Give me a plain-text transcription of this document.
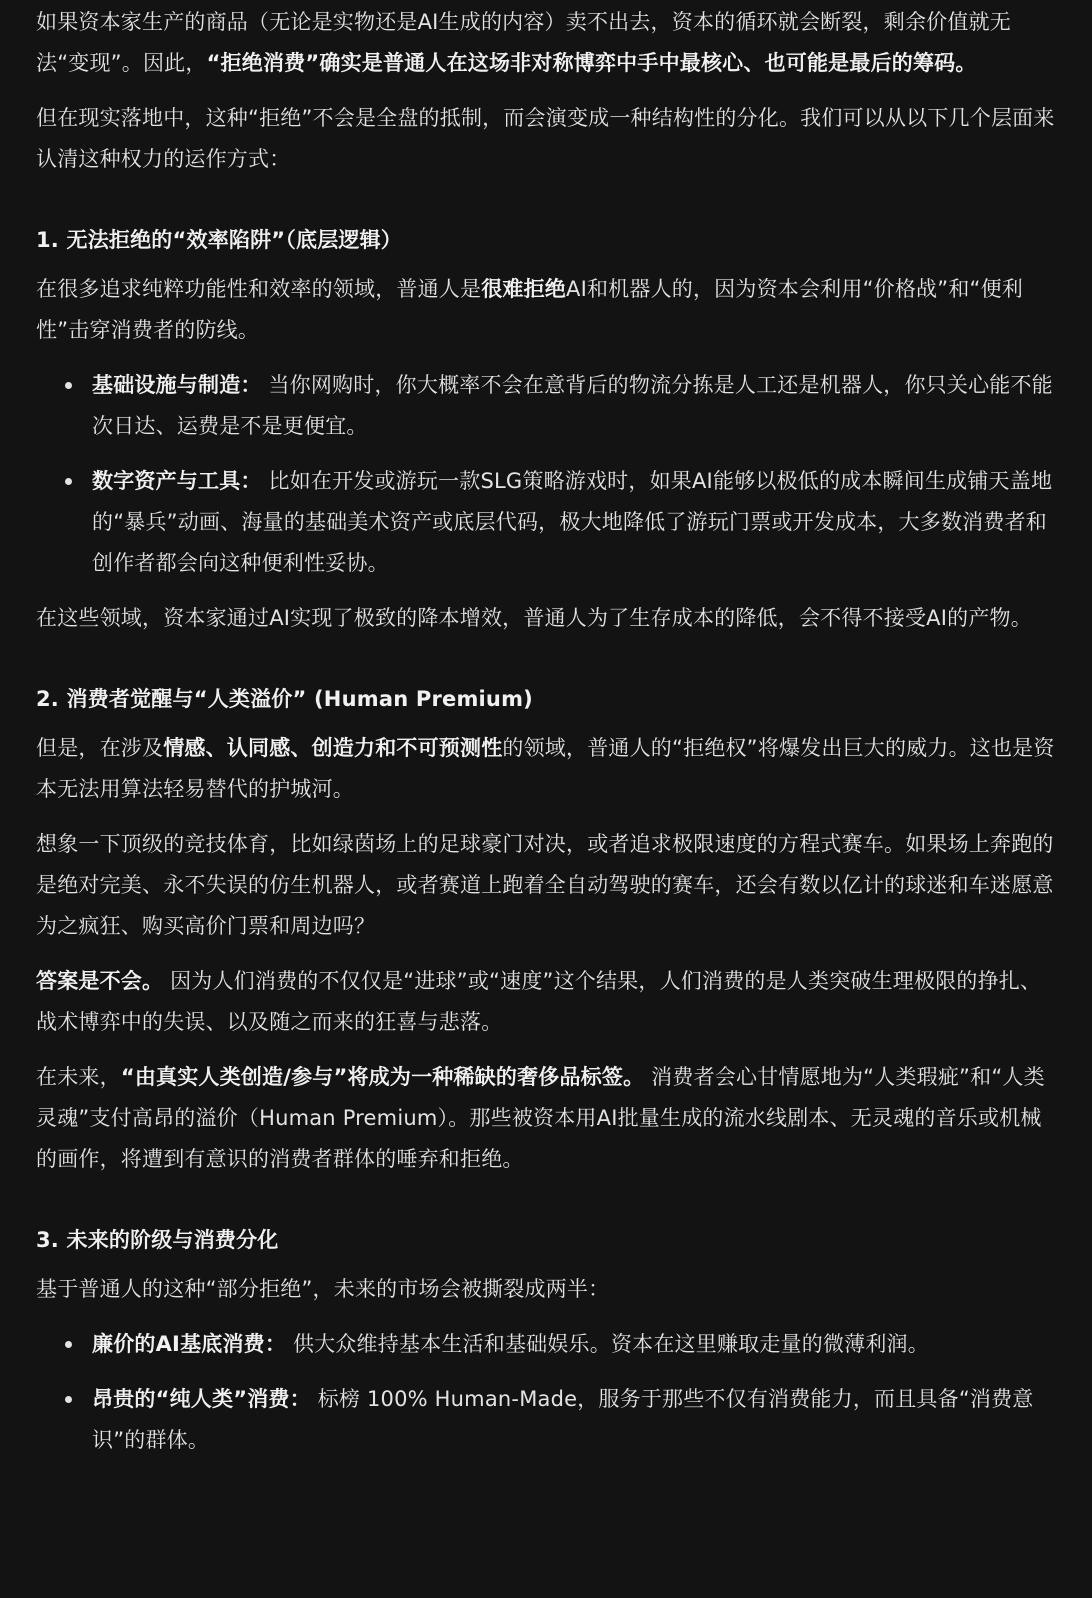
如果资本家生产的商品（无论是实物还是AI生成的内容）卖不出去，资本的循环就会断裂，剩余价值就无法“变现”。因此，“拒绝消费”确实是普通人在这场非对称博弈中手中最核心、也可能是最后的筹码。

但在现实落地中，这种“拒绝”不会是全盘的抵制，而会演变成一种结构性的分化。我们可以从以下几个层面来认清这种权力的运作方式：

1. 无法拒绝的“效率陷阱”（底层逻辑）

在很多追求纯粹功能性和效率的领域，普通人是很难拒绝AI和机器人的，因为资本会利用“价格战”和“便利性”击穿消费者的防线。

基础设施与制造： 当你网购时，你大概率不会在意背后的物流分拣是人工还是机器人，你只关心能不能次日达、运费是不是更便宜。
数字资产与工具： 比如在开发或游玩一款SLG策略游戏时，如果AI能够以极低的成本瞬间生成铺天盖地的“暴兵”动画、海量的基础美术资产或底层代码，极大地降低了游玩门票或开发成本，大多数消费者和创作者都会向这种便利性妥协。

在这些领域，资本家通过AI实现了极致的降本增效，普通人为了生存成本的降低，会不得不接受AI的产物。

2. 消费者觉醒与“人类溢价” (Human Premium)

但是，在涉及情感、认同感、创造力和不可预测性的领域，普通人的“拒绝权”将爆发出巨大的威力。这也是资本无法用算法轻易替代的护城河。

想象一下顶级的竞技体育，比如绿茵场上的足球豪门对决，或者追求极限速度的方程式赛车。如果场上奔跑的是绝对完美、永不失误的仿生机器人，或者赛道上跑着全自动驾驶的赛车，还会有数以亿计的球迷和车迷愿意为之疯狂、购买高价门票和周边吗？

答案是不会。 因为人们消费的不仅仅是“进球”或“速度”这个结果，人们消费的是人类突破生理极限的挣扎、战术博弈中的失误、以及随之而来的狂喜与悲落。

在未来，“由真实人类创造/参与”将成为一种稀缺的奢侈品标签。 消费者会心甘情愿地为“人类瑕疵”和“人类灵魂”支付高昂的溢价（Human Premium）。那些被资本用AI批量生成的流水线剧本、无灵魂的音乐或机械的画作，将遭到有意识的消费者群体的唾弃和拒绝。

3. 未来的阶级与消费分化

基于普通人的这种“部分拒绝”，未来的市场会被撕裂成两半：

廉价的AI基底消费： 供大众维持基本生活和基础娱乐。资本在这里赚取走量的微薄利润。
昂贵的“纯人类”消费： 标榜 100% Human-Made，服务于那些不仅有消费能力，而且具备“消费意识”的群体。
